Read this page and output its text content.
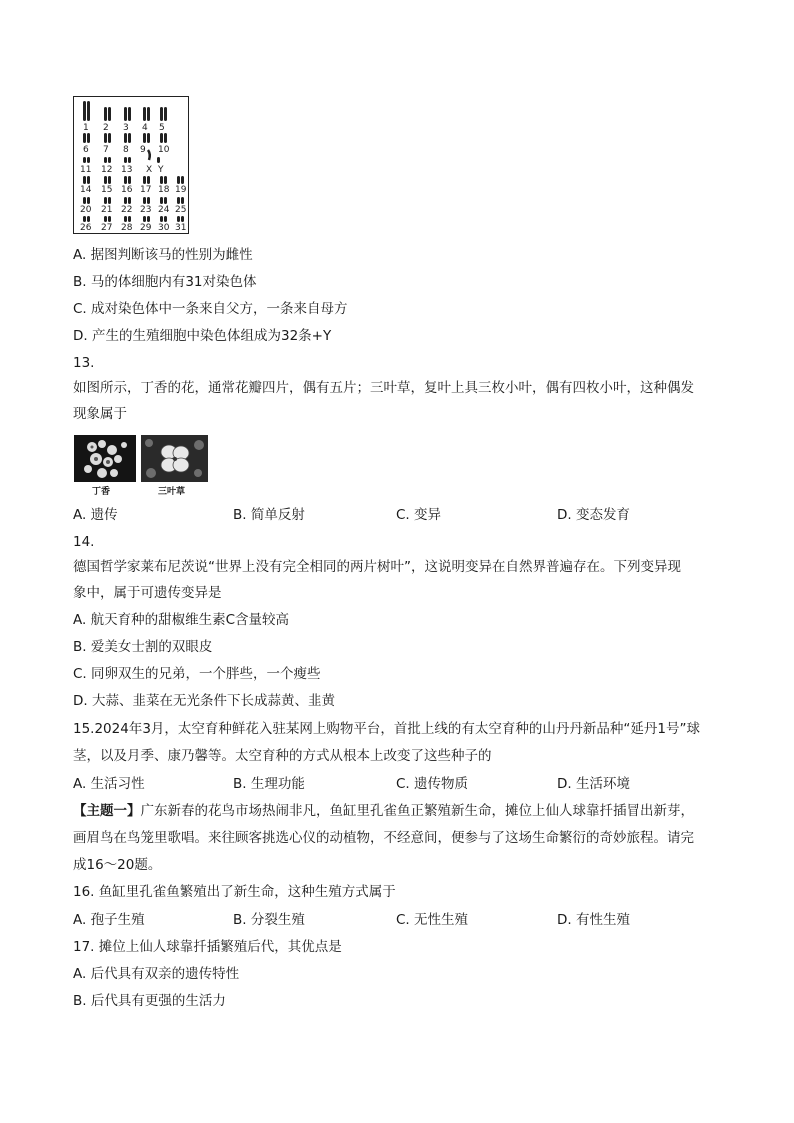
1 2 3 4 5
6 7 8 9 10
11 12 13 X Y
14 15 16 17 18 19
20 21 22 23 24 25
26 27 28 29 30 31
A. 据图判断该马的性别为雌性
B. 马的体细胞内有31对染色体
C. 成对染色体中一条来自父方，一条来自母方
D. 产生的生殖细胞中染色体组成为32条+Y
13.
如图所示，丁香的花，通常花瓣四片，偶有五片；三叶草，复叶上具三枚小叶，偶有四枚小叶，这种偶发
现象属于
丁香	三叶草
A. 遗传	B. 简单反射	C. 变异	D. 变态发育
14.
德国哲学家莱布尼茨说“世界上没有完全相同的两片树叶”，这说明变异在自然界普遍存在。下列变异现
象中，属于可遗传变异是
A. 航天育种的甜椒维生素C含量较高
B. 爱美女士割的双眼皮
C. 同卵双生的兄弟，一个胖些，一个瘦些
D. 大蒜、韭菜在无光条件下长成蒜黄、韭黄
15.2024年3月，太空育种鲜花入驻某网上购物平台，首批上线的有太空育种的山丹丹新品种“延丹1号”球
茎，以及月季、康乃馨等。太空育种的方式从根本上改变了这些种子的
A. 生活习性	B. 生理功能	C. 遗传物质	D. 生活环境
【主题一】广东新春的花鸟市场热闹非凡，鱼缸里孔雀鱼正繁殖新生命，摊位上仙人球靠扦插冒出新芽，
画眉鸟在鸟笼里歌唱。来往顾客挑选心仪的动植物，不经意间，便参与了这场生命繁衍的奇妙旅程。请完
成16～20题。
16. 鱼缸里孔雀鱼繁殖出了新生命，这种生殖方式属于
A. 孢子生殖	B. 分裂生殖	C. 无性生殖	D. 有性生殖
17. 摊位上仙人球靠扦插繁殖后代，其优点是
A. 后代具有双亲的遗传特性
B. 后代具有更强的生活力
